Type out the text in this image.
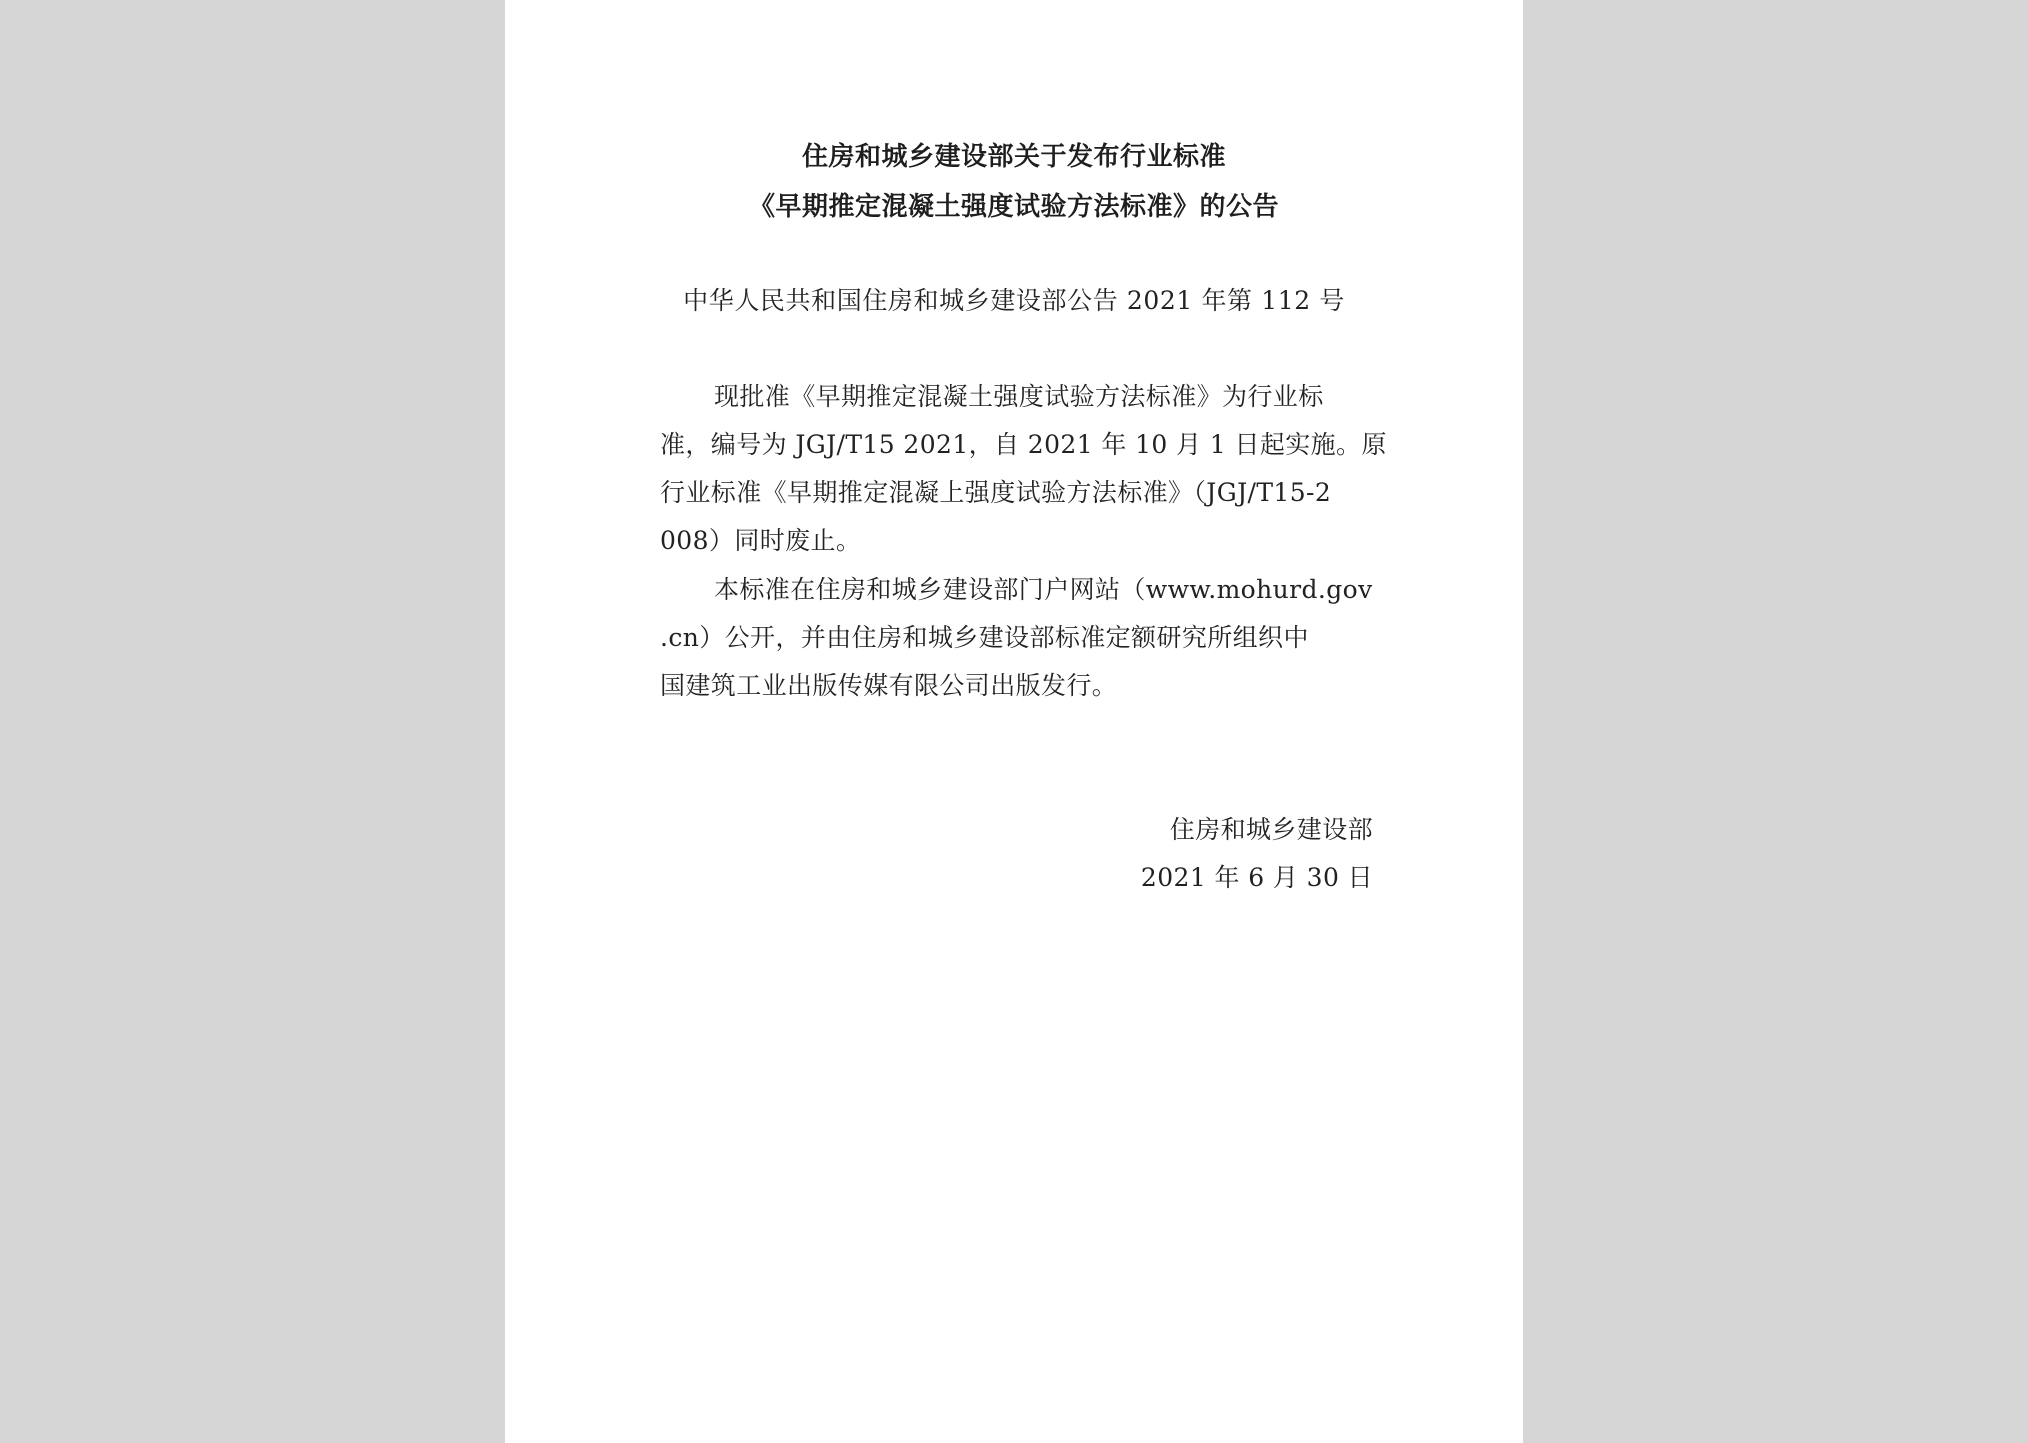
住房和城乡建设部关于发布行业标准
《早期推定混凝土强度试验方法标准》的公告
中华人民共和国住房和城乡建设部公告 2021 年第 112 号
现批准《早期推定混凝土强度试验方法标准》为行业标
准，编号为 JGJ/T15 2021，自 2021 年 10 月 1 日起实施。原
行业标准《早期推定混凝上强度试验方法标准》（JGJ/T15-2
008）同时废止。
本标准在住房和城乡建设部门户网站（www.mohurd.gov
.cn）公开，并由住房和城乡建设部标准定额研究所组织中
国建筑工业出版传媒有限公司出版发行。
住房和城乡建设部
2021 年 6 月 30 日
